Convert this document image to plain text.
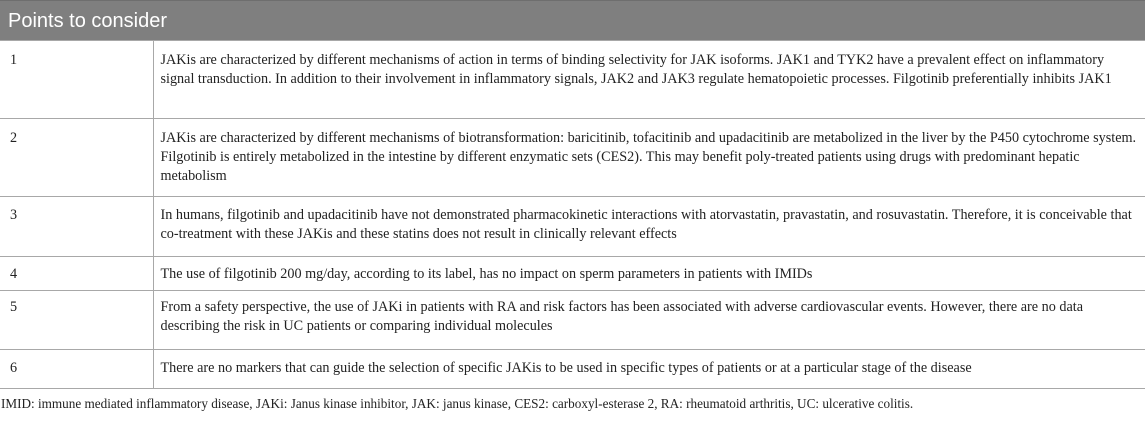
Points to consider
1	JAKis are characterized by different mechanisms of action in terms of binding selectivity for JAK isoforms. JAK1 and TYK2 have a prevalent effect on inflammatory signal transduction. In addition to their involvement in inflammatory signals, JAK2 and JAK3 regulate hematopoietic processes. Filgotinib preferentially inhibits JAK1
2	JAKis are characterized by different mechanisms of biotransformation: baricitinib, tofacitinib and upadacitinib are metabolized in the liver by the P450 cytochrome system. Filgotinib is entirely metabolized in the intestine by different enzymatic sets (CES2). This may benefit poly-treated patients using drugs with predominant hepatic metabolism
3	In humans, filgotinib and upadacitinib have not demonstrated pharmacokinetic interactions with atorvastatin, pravastatin, and rosuvastatin. Therefore, it is conceivable that co-treatment with these JAKis and these statins does not result in clinically relevant effects
4	The use of filgotinib 200 mg/day, according to its label, has no impact on sperm parameters in patients with IMIDs
5	From a safety perspective, the use of JAKi in patients with RA and risk factors has been associated with adverse cardiovascular events. However, there are no data describing the risk in UC patients or comparing individual molecules
6	There are no markers that can guide the selection of specific JAKis to be used in specific types of patients or at a particular stage of the disease
IMID: immune mediated inflammatory disease, JAKi: Janus kinase inhibitor, JAK: janus kinase, CES2: carboxyl-esterase 2, RA: rheumatoid arthritis, UC: ulcerative colitis.
